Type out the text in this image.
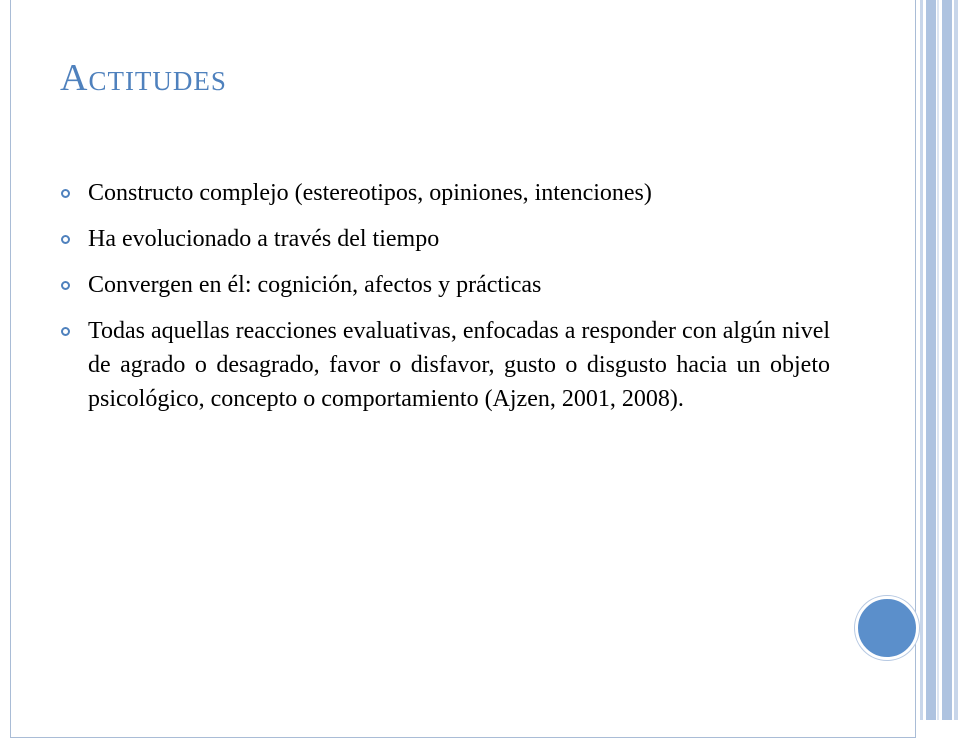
Actitudes
Constructo complejo (estereotipos, opiniones, intenciones)
Ha evolucionado a través del tiempo
Convergen en él: cognición, afectos y prácticas
Todas aquellas reacciones evaluativas, enfocadas a responder con algún nivel de agrado o desagrado, favor o disfavor, gusto o disgusto hacia un objeto psicológico, concepto o comportamiento (Ajzen, 2001, 2008).
